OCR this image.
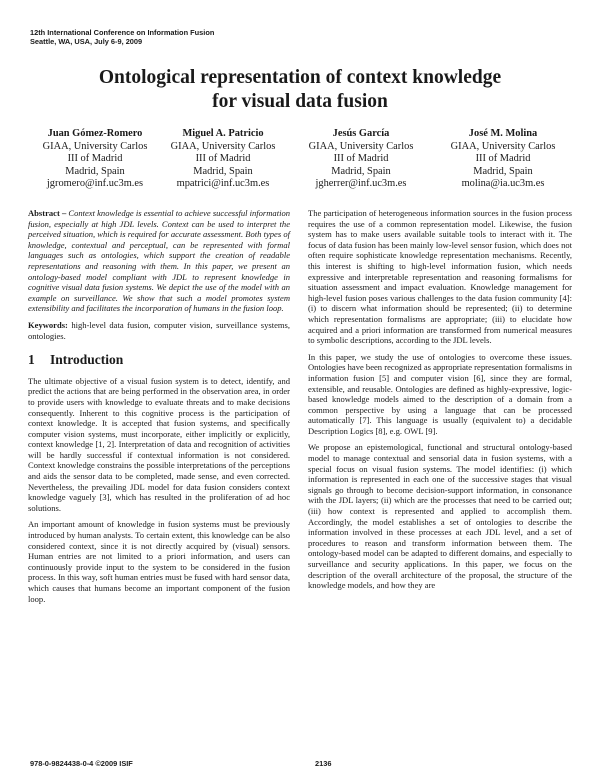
12th International Conference on Information Fusion
Seattle, WA, USA, July 6-9, 2009
Ontological representation of context knowledge
for visual data fusion
Juan Gómez-Romero
GIAA, University Carlos
III of Madrid
Madrid, Spain
jgromero@inf.uc3m.es
Miguel A. Patricio
GIAA, University Carlos
III of Madrid
Madrid, Spain
mpatrici@inf.uc3m.es
Jesús García
GIAA, University Carlos
III of Madrid
Madrid, Spain
jgherrer@inf.uc3m.es
José M. Molina
GIAA, University Carlos
III of Madrid
Madrid, Spain
molina@ia.uc3m.es

Abstract – Context knowledge is essential to achieve successful information fusion, especially at high JDL levels. Context can be used to interpret the perceived situation, which is required for accurate assessment. Both types of knowledge, contextual and perceptual, can be represented with formal languages such as ontologies, which support the creation of readable representations and reasoning with them. In this paper, we present an ontology-based model compliant with JDL to represent knowledge in cognitive visual data fusion systems. We depict the use of the model with an example on surveillance. We show that such a model promotes system extensibility and facilitates the incorporation of humans in the fusion loop.

Keywords: high-level data fusion, computer vision, surveillance systems, ontologies.

1 Introduction

The ultimate objective of a visual fusion system is to detect, identify, and predict the actions that are being performed in the observation area, in order to provide users with knowledge to evaluate threats and to make decisions consequently. Inherent to this cognitive process is the participation of context knowledge. It is accepted that fusion systems, and specifically computer vision systems, must incorporate, either implicitly or explicitly, context knowledge [1, 2]. Interpretation of data and recognition of activities will be hardly successful if contextual information is not considered. Context knowledge constrains the possible interpretations of the perceptions and aids the sensor data to be completed, made sense, and even corrected. Nevertheless, the prevailing JDL model for data fusion considers context knowledge vaguely [3], which has resulted in the proliferation of ad hoc solutions.

An important amount of knowledge in fusion systems must be previously introduced by human analysts. To certain extent, this knowledge can be also considered context, since it is not directly acquired by (visual) sensors. Human entries are not limited to a priori information, and users can continuously provide input to the system to be considered in the fusion process. In this way, soft human entries must be fused with hard sensor data, which causes that humans become an important component of the fusion loop.

The participation of heterogeneous information sources in the fusion process requires the use of a common representation model. Likewise, the fusion system has to make users available suitable tools to interact with it. The focus of data fusion has been mainly low-level sensor fusion, which does not often require sophisticate knowledge representation mechanisms. Recently, this interest is shifting to high-level information fusion, which needs expressive and interpretable representation and reasoning formalisms for situation assessment and impact evaluation. Knowledge management for high-level fusion poses various challenges to the data fusion community [4]: (i) to discern what information should be represented; (ii) to determine which representation formalisms are appropriate; (iii) to elucidate how acquired and a priori information are transformed from numerical measures to symbolic descriptions, according to the JDL levels.

In this paper, we study the use of ontologies to overcome these issues. Ontologies have been recognized as appropriate representation formalisms in information fusion [5] and computer vision [6], since they are formal, extensible, and reusable. Ontologies are defined as highly-expressive, logic-based knowledge models aimed to the description of a domain from a common perspective by using a language that can be processed automatically [7]. This language is usually (equivalent to) a decidable Description Logics [8], e.g. OWL [9].

We propose an epistemological, functional and structural ontology-based model to manage contextual and sensorial data in fusion systems, with a special focus on visual fusion systems. The model identifies: (i) which information is represented in each one of the successive stages that visual signals go through to become decision-support information, in consonance with the JDL layers; (ii) which are the processes that need to be carried out; (iii) how context is represented and applied to accomplish them. Accordingly, the model establishes a set of ontologies to describe the information involved in these processes at each JDL level, and a set of procedures to reason and transform information between them. The ontology-based model can be adapted to different domains, and especially to surveillance and security applications. In this paper, we focus on the description of the overall architecture of the proposal, the structure of the knowledge models, and how they are

978-0-9824438-0-4 ©2009 ISIF	2136
